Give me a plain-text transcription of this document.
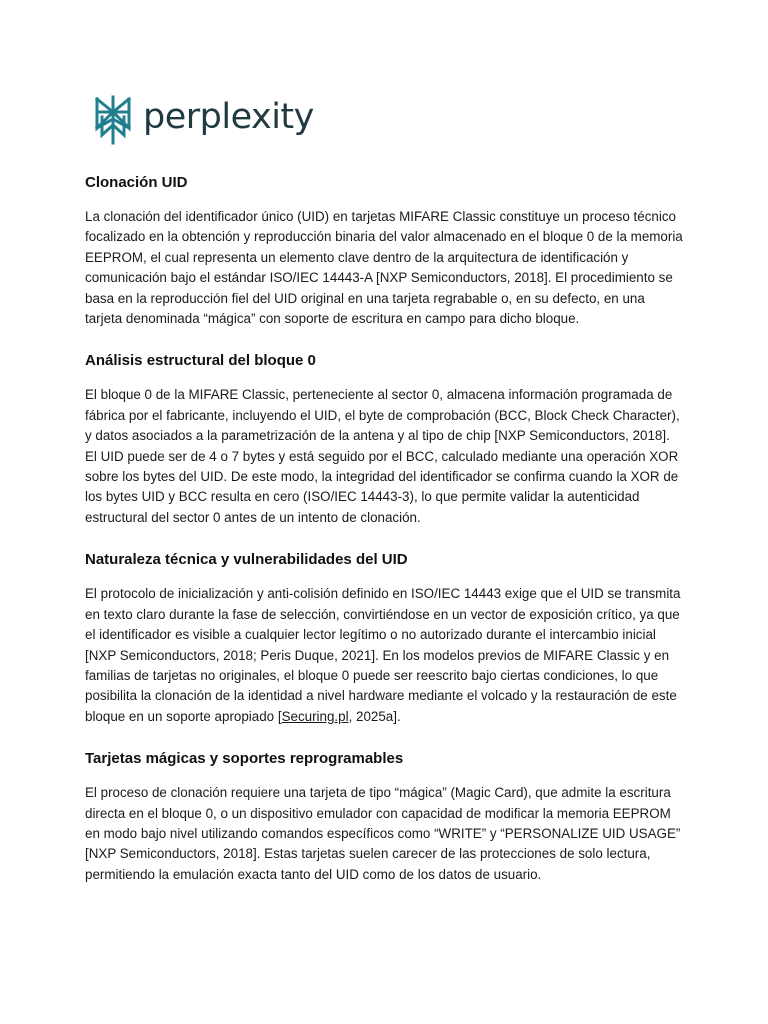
perplexity
Clonación UID

La clonación del identificador único (UID) en tarjetas MIFARE Classic constituye un proceso técnico focalizado en la obtención y reproducción binaria del valor almacenado en el bloque 0 de la memoria EEPROM, el cual representa un elemento clave dentro de la arquitectura de identificación y comunicación bajo el estándar ISO/IEC 14443-A [NXP Semiconductors, 2018]. El procedimiento se basa en la reproducción fiel del UID original en una tarjeta regrabable o, en su defecto, en una tarjeta denominada “mágica” con soporte de escritura en campo para dicho bloque.

Análisis estructural del bloque 0

El bloque 0 de la MIFARE Classic, perteneciente al sector 0, almacena información programada de fábrica por el fabricante, incluyendo el UID, el byte de comprobación (BCC, Block Check Character), y datos asociados a la parametrización de la antena y al tipo de chip [NXP Semiconductors, 2018]. El UID puede ser de 4 o 7 bytes y está seguido por el BCC, calculado mediante una operación XOR sobre los bytes del UID. De este modo, la integridad del identificador se confirma cuando la XOR de los bytes UID y BCC resulta en cero (ISO/IEC 14443-3), lo que permite validar la autenticidad estructural del sector 0 antes de un intento de clonación.

Naturaleza técnica y vulnerabilidades del UID

El protocolo de inicialización y anti-colisión definido en ISO/IEC 14443 exige que el UID se transmita en texto claro durante la fase de selección, convirtiéndose en un vector de exposición crítico, ya que el identificador es visible a cualquier lector legítimo o no autorizado durante el intercambio inicial [NXP Semiconductors, 2018; Peris Duque, 2021]. En los modelos previos de MIFARE Classic y en familias de tarjetas no originales, el bloque 0 puede ser reescrito bajo ciertas condiciones, lo que posibilita la clonación de la identidad a nivel hardware mediante el volcado y la restauración de este bloque en un soporte apropiado [Securing.pl, 2025a].

Tarjetas mágicas y soportes reprogramables

El proceso de clonación requiere una tarjeta de tipo “mágica” (Magic Card), que admite la escritura directa en el bloque 0, o un dispositivo emulador con capacidad de modificar la memoria EEPROM en modo bajo nivel utilizando comandos específicos como “WRITE” y “PERSONALIZE UID USAGE” [NXP Semiconductors, 2018]. Estas tarjetas suelen carecer de las protecciones de solo lectura, permitiendo la emulación exacta tanto del UID como de los datos de usuario.
